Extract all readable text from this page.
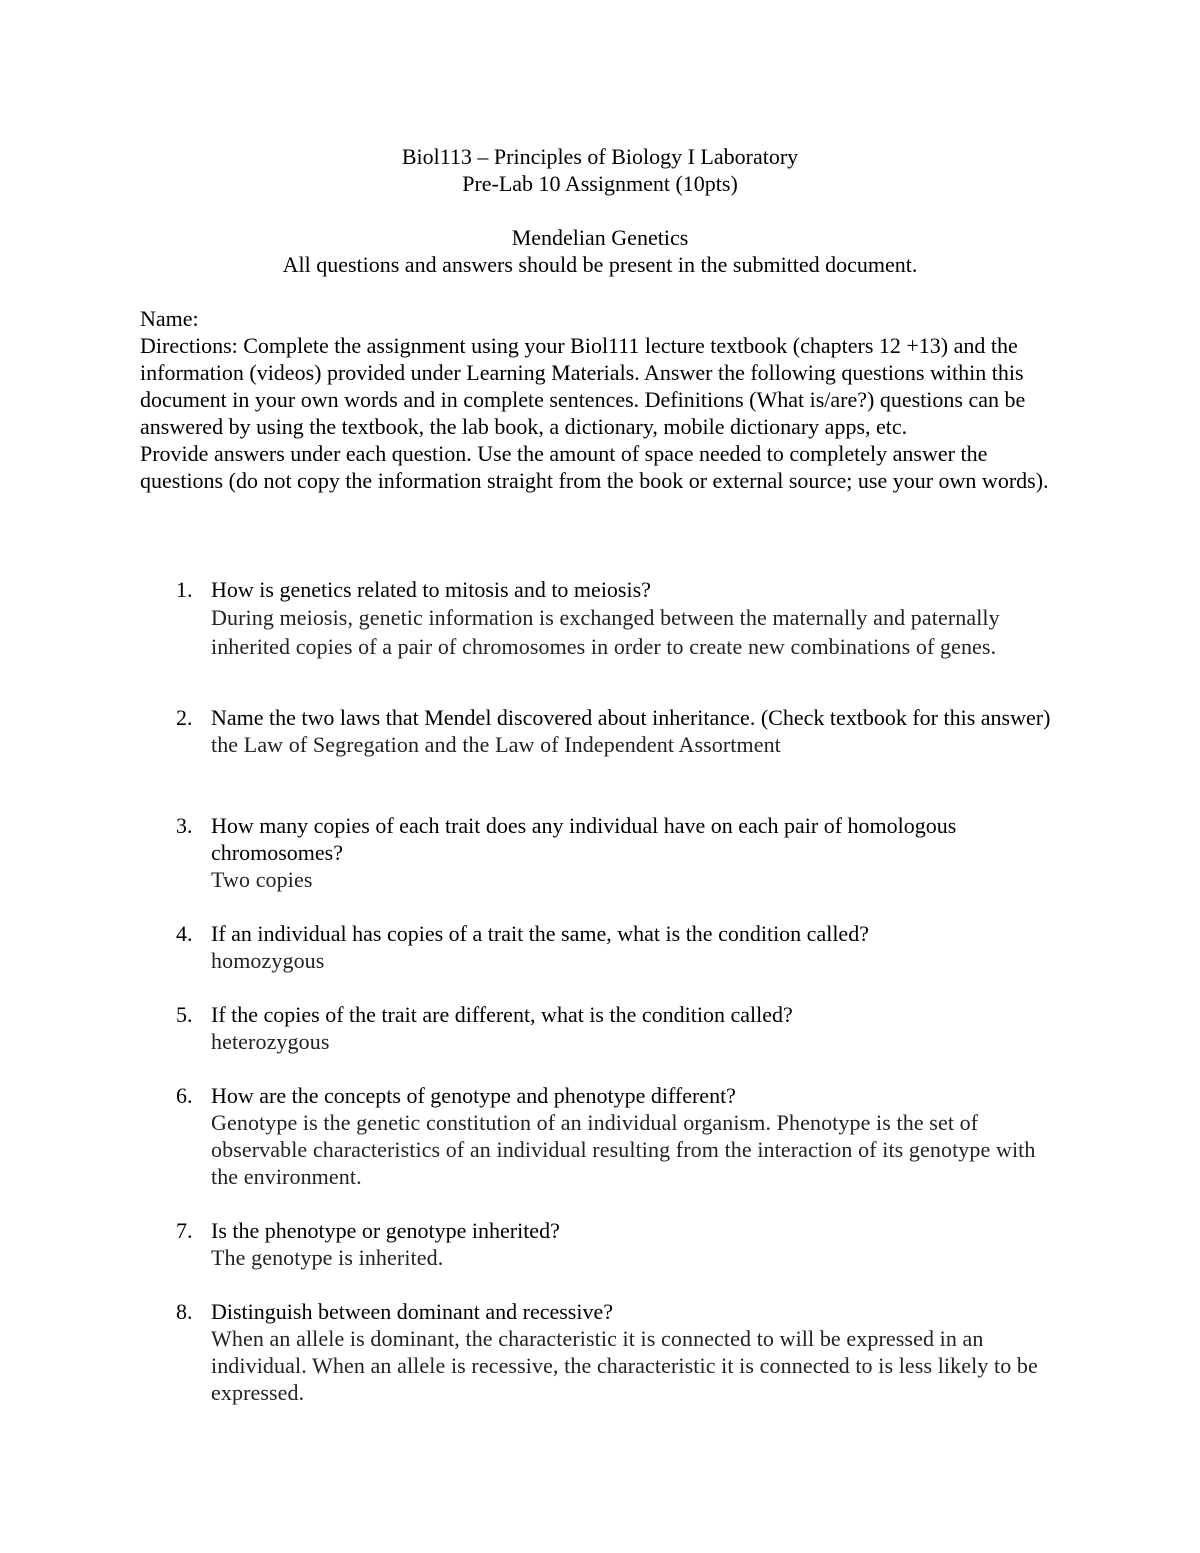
Biol113 – Principles of Biology I Laboratory
Pre-Lab 10 Assignment (10pts)
Mendelian Genetics
All questions and answers should be present in the submitted document.

Name:

Directions: Complete the assignment using your Biol111 lecture textbook (chapters 12 +13) and the information (videos) provided under Learning Materials. Answer the following questions within this document in your own words and in complete sentences. Definitions (What is/are?) questions can be answered by using the textbook, the lab book, a dictionary, mobile dictionary apps, etc.

Provide answers under each question. Use the amount of space needed to completely answer the questions (do not copy the information straight from the book or external source; use your own words).

1. How is genetics related to mitosis and to meiosis?
During meiosis, genetic information is exchanged between the maternally and paternally inherited copies of a pair of chromosomes in order to create new combinations of genes.
2. Name the two laws that Mendel discovered about inheritance. (Check textbook for this answer)
the Law of Segregation and the Law of Independent Assortment
3. How many copies of each trait does any individual have on each pair of homologous chromosomes?
Two copies
4. If an individual has copies of a trait the same, what is the condition called?
homozygous
5. If the copies of the trait are different, what is the condition called?
heterozygous
6. How are the concepts of genotype and phenotype different?
Genotype is the genetic constitution of an individual organism. Phenotype is the set of observable characteristics of an individual resulting from the interaction of its genotype with the environment.
7. Is the phenotype or genotype inherited?
The genotype is inherited.
8. Distinguish between dominant and recessive?
When an allele is dominant, the characteristic it is connected to will be expressed in an individual. When an allele is recessive, the characteristic it is connected to is less likely to be expressed.
